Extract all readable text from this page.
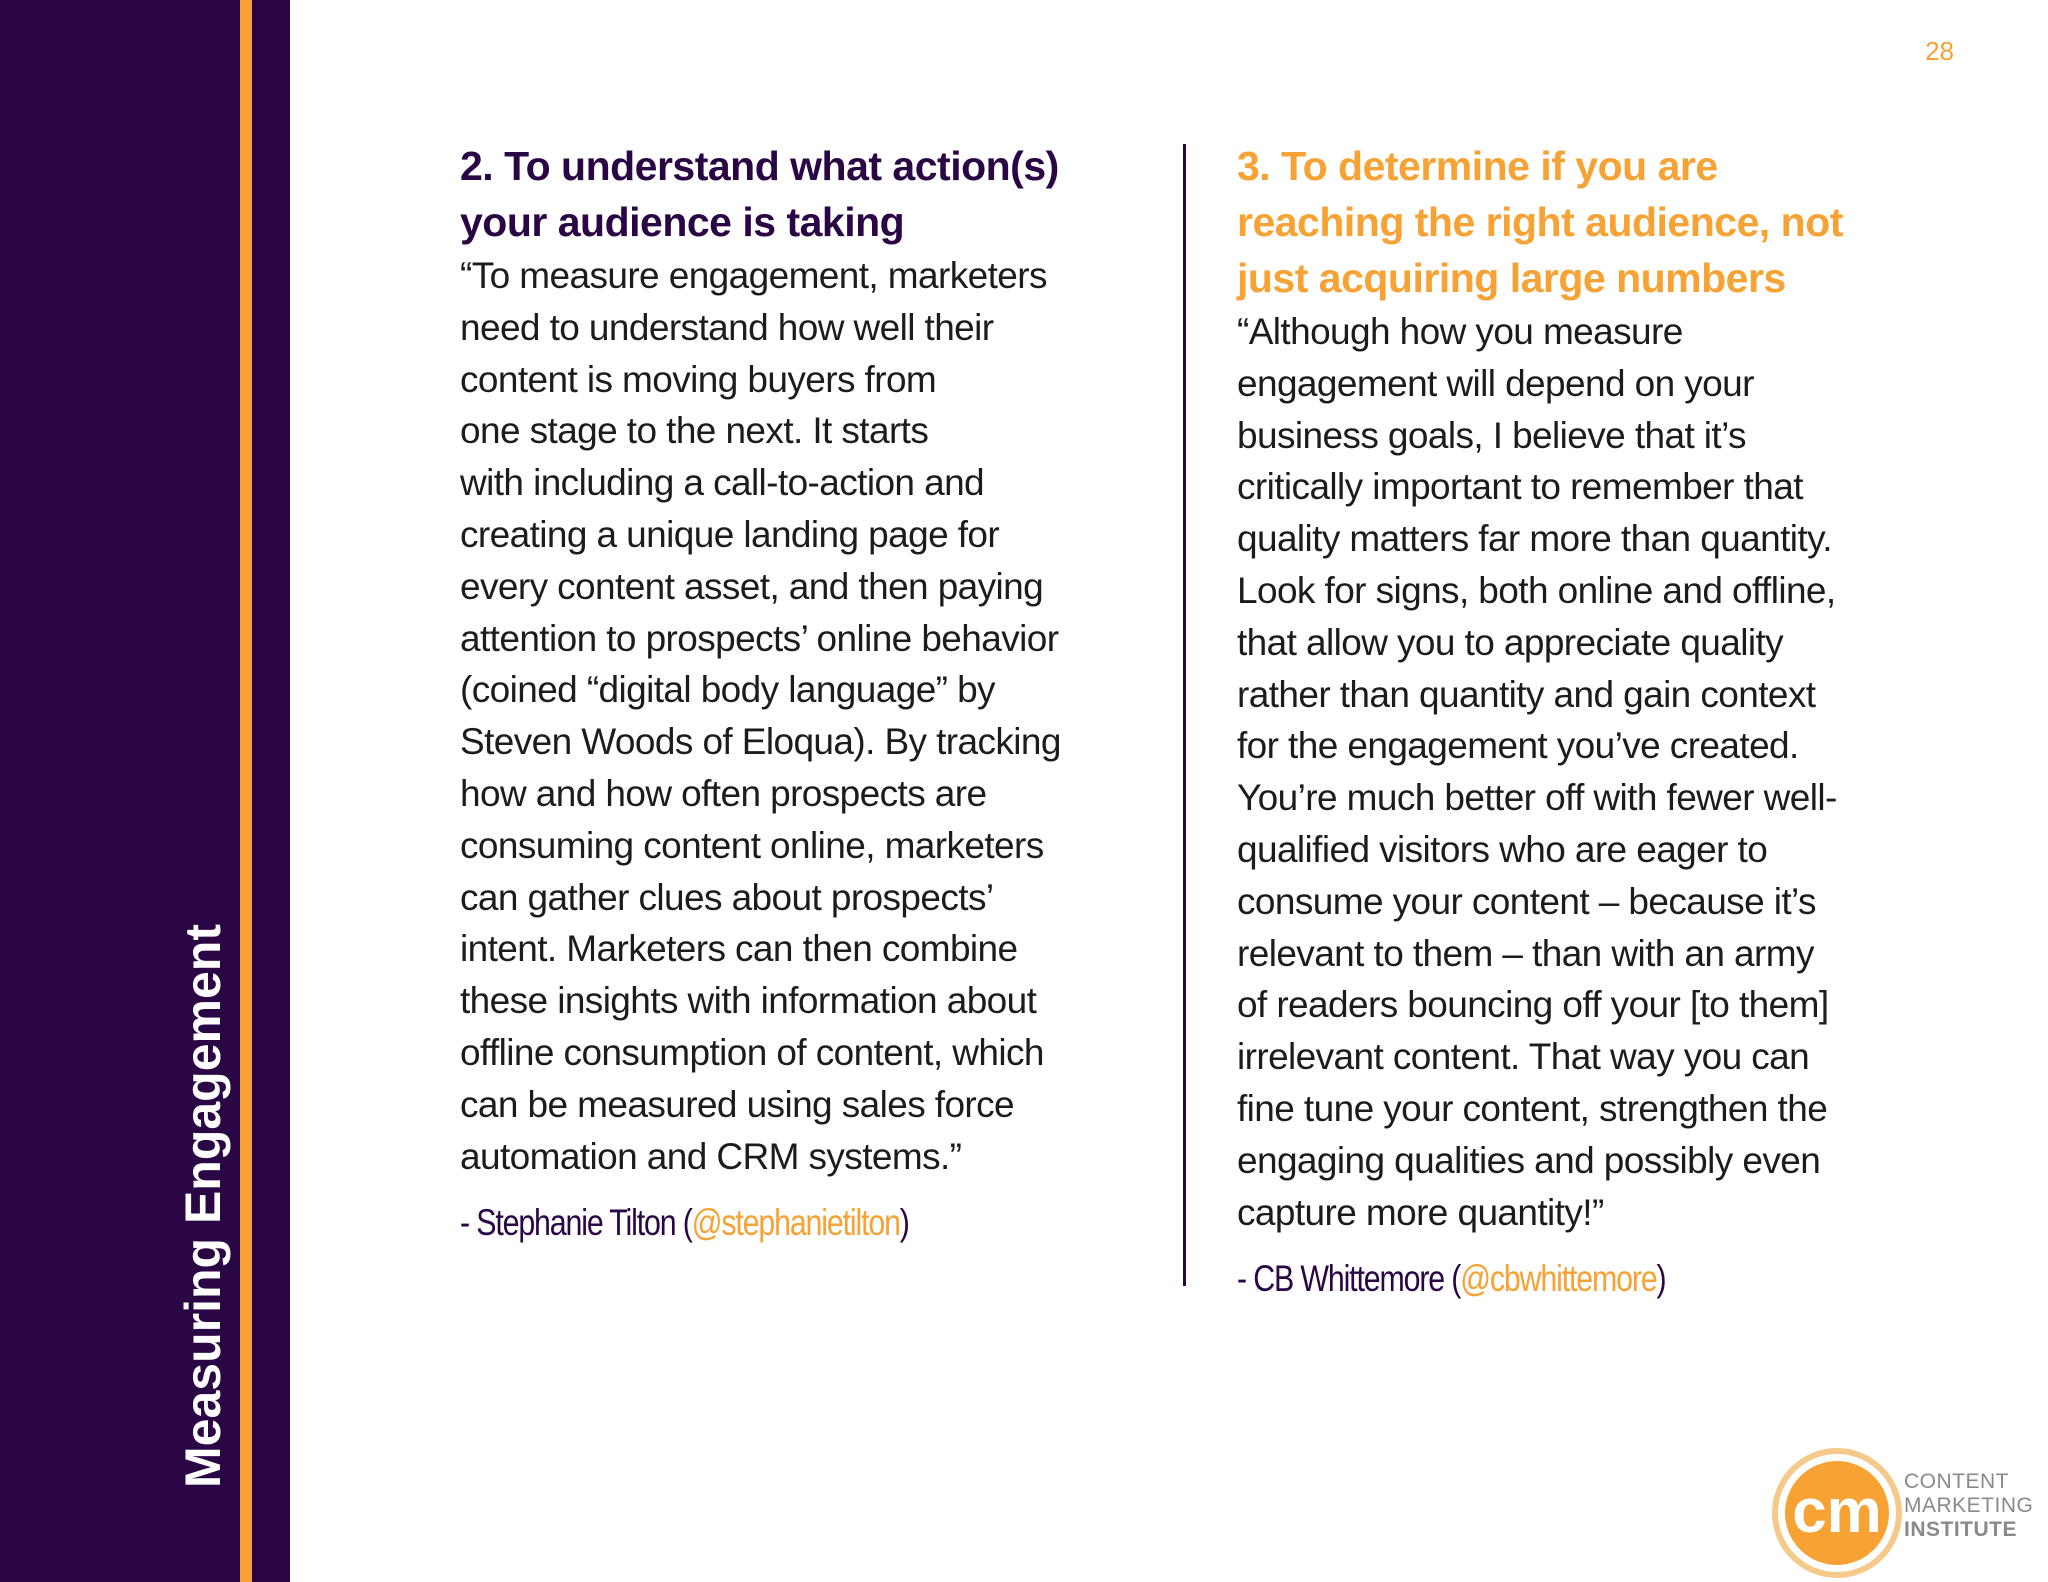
Measuring Engagement
28
2. To understand what action(s)
your audience is taking

“To measure engagement, marketers
need to understand how well their
content is moving buyers from
one stage to the next. It starts
with including a call-to-action and
creating a unique landing page for
every content asset, and then paying
attention to prospects’ online behavior
(coined “digital body language” by
Steven Woods of Eloqua). By tracking
how and how often prospects are
consuming content online, marketers
can gather clues about prospects’
intent. Marketers can then combine
these insights with information about
offline consumption of content, which
can be measured using sales force
automation and CRM systems.”

- Stephanie Tilton (@stephanietilton)
3. To determine if you are
reaching the right audience, not
just acquiring large numbers

“Although how you measure
engagement will depend on your
business goals, I believe that it’s
critically important to remember that
quality matters far more than quantity.
Look for signs, both online and offline,
that allow you to appreciate quality
rather than quantity and gain context
for the engagement you’ve created.
You’re much better off with fewer well-
qualified visitors who are eager to
consume your content – because it’s
relevant to them – than with an army
of readers bouncing off your [to them]
irrelevant content. That way you can
fine tune your content, strengthen the
engaging qualities and possibly even
capture more quantity!”

- CB Whittemore (@cbwhittemore)
cm CONTENT
MARKETING
INSTITUTE
